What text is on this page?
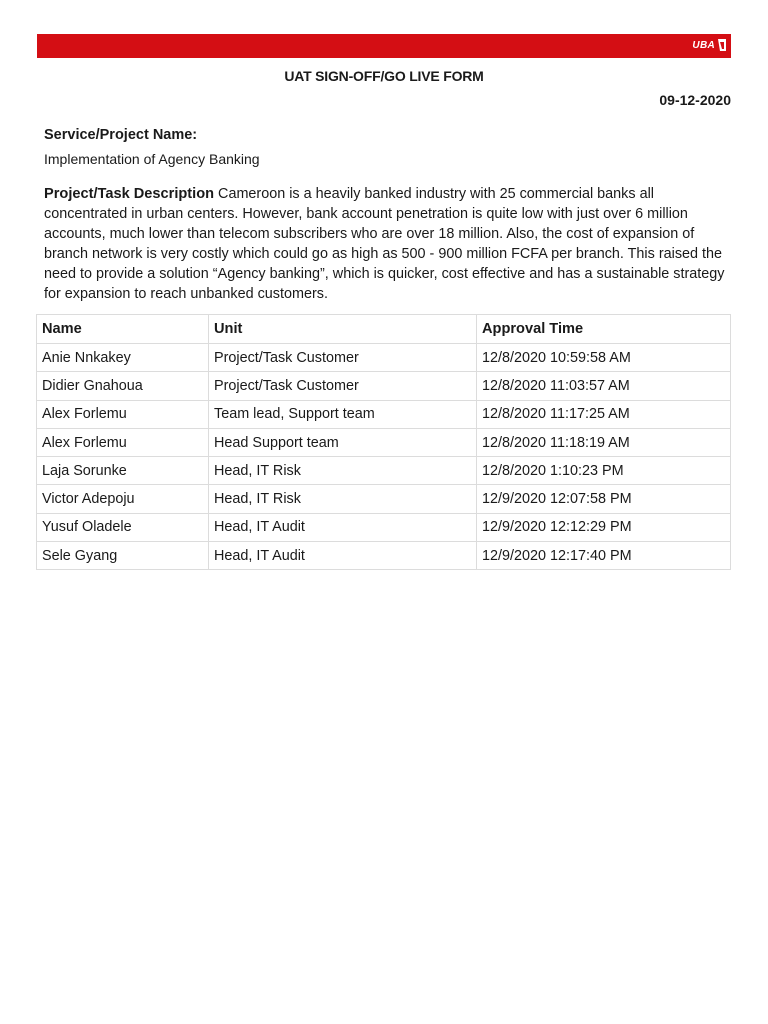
UBA
UAT SIGN-OFF/GO LIVE FORM
09-12-2020
Service/Project Name:
Implementation of Agency Banking

Project/Task Description Cameroon is a heavily banked industry with 25 commercial banks all concentrated in urban centers. However, bank account penetration is quite low with just over 6 million accounts, much lower than telecom subscribers who are over 18 million. Also, the cost of expansion of branch network is very costly which could go as high as 500 - 900 million FCFA per branch. This raised the need to provide a solution “Agency banking”, which is quicker, cost effective and has a sustainable strategy for expansion to reach unbanked customers.

Name	Unit	Approval Time
Anie Nnkakey	Project/Task Customer	12/8/2020 10:59:58 AM
Didier Gnahoua	Project/Task Customer	12/8/2020 11:03:57 AM
Alex Forlemu	Team lead, Support team	12/8/2020 11:17:25 AM
Alex Forlemu	Head Support team	12/8/2020 11:18:19 AM
Laja Sorunke	Head, IT Risk	12/8/2020 1:10:23 PM
Victor Adepoju	Head, IT Risk	12/9/2020 12:07:58 PM
Yusuf Oladele	Head, IT Audit	12/9/2020 12:12:29 PM
Sele Gyang	Head, IT Audit	12/9/2020 12:17:40 PM
